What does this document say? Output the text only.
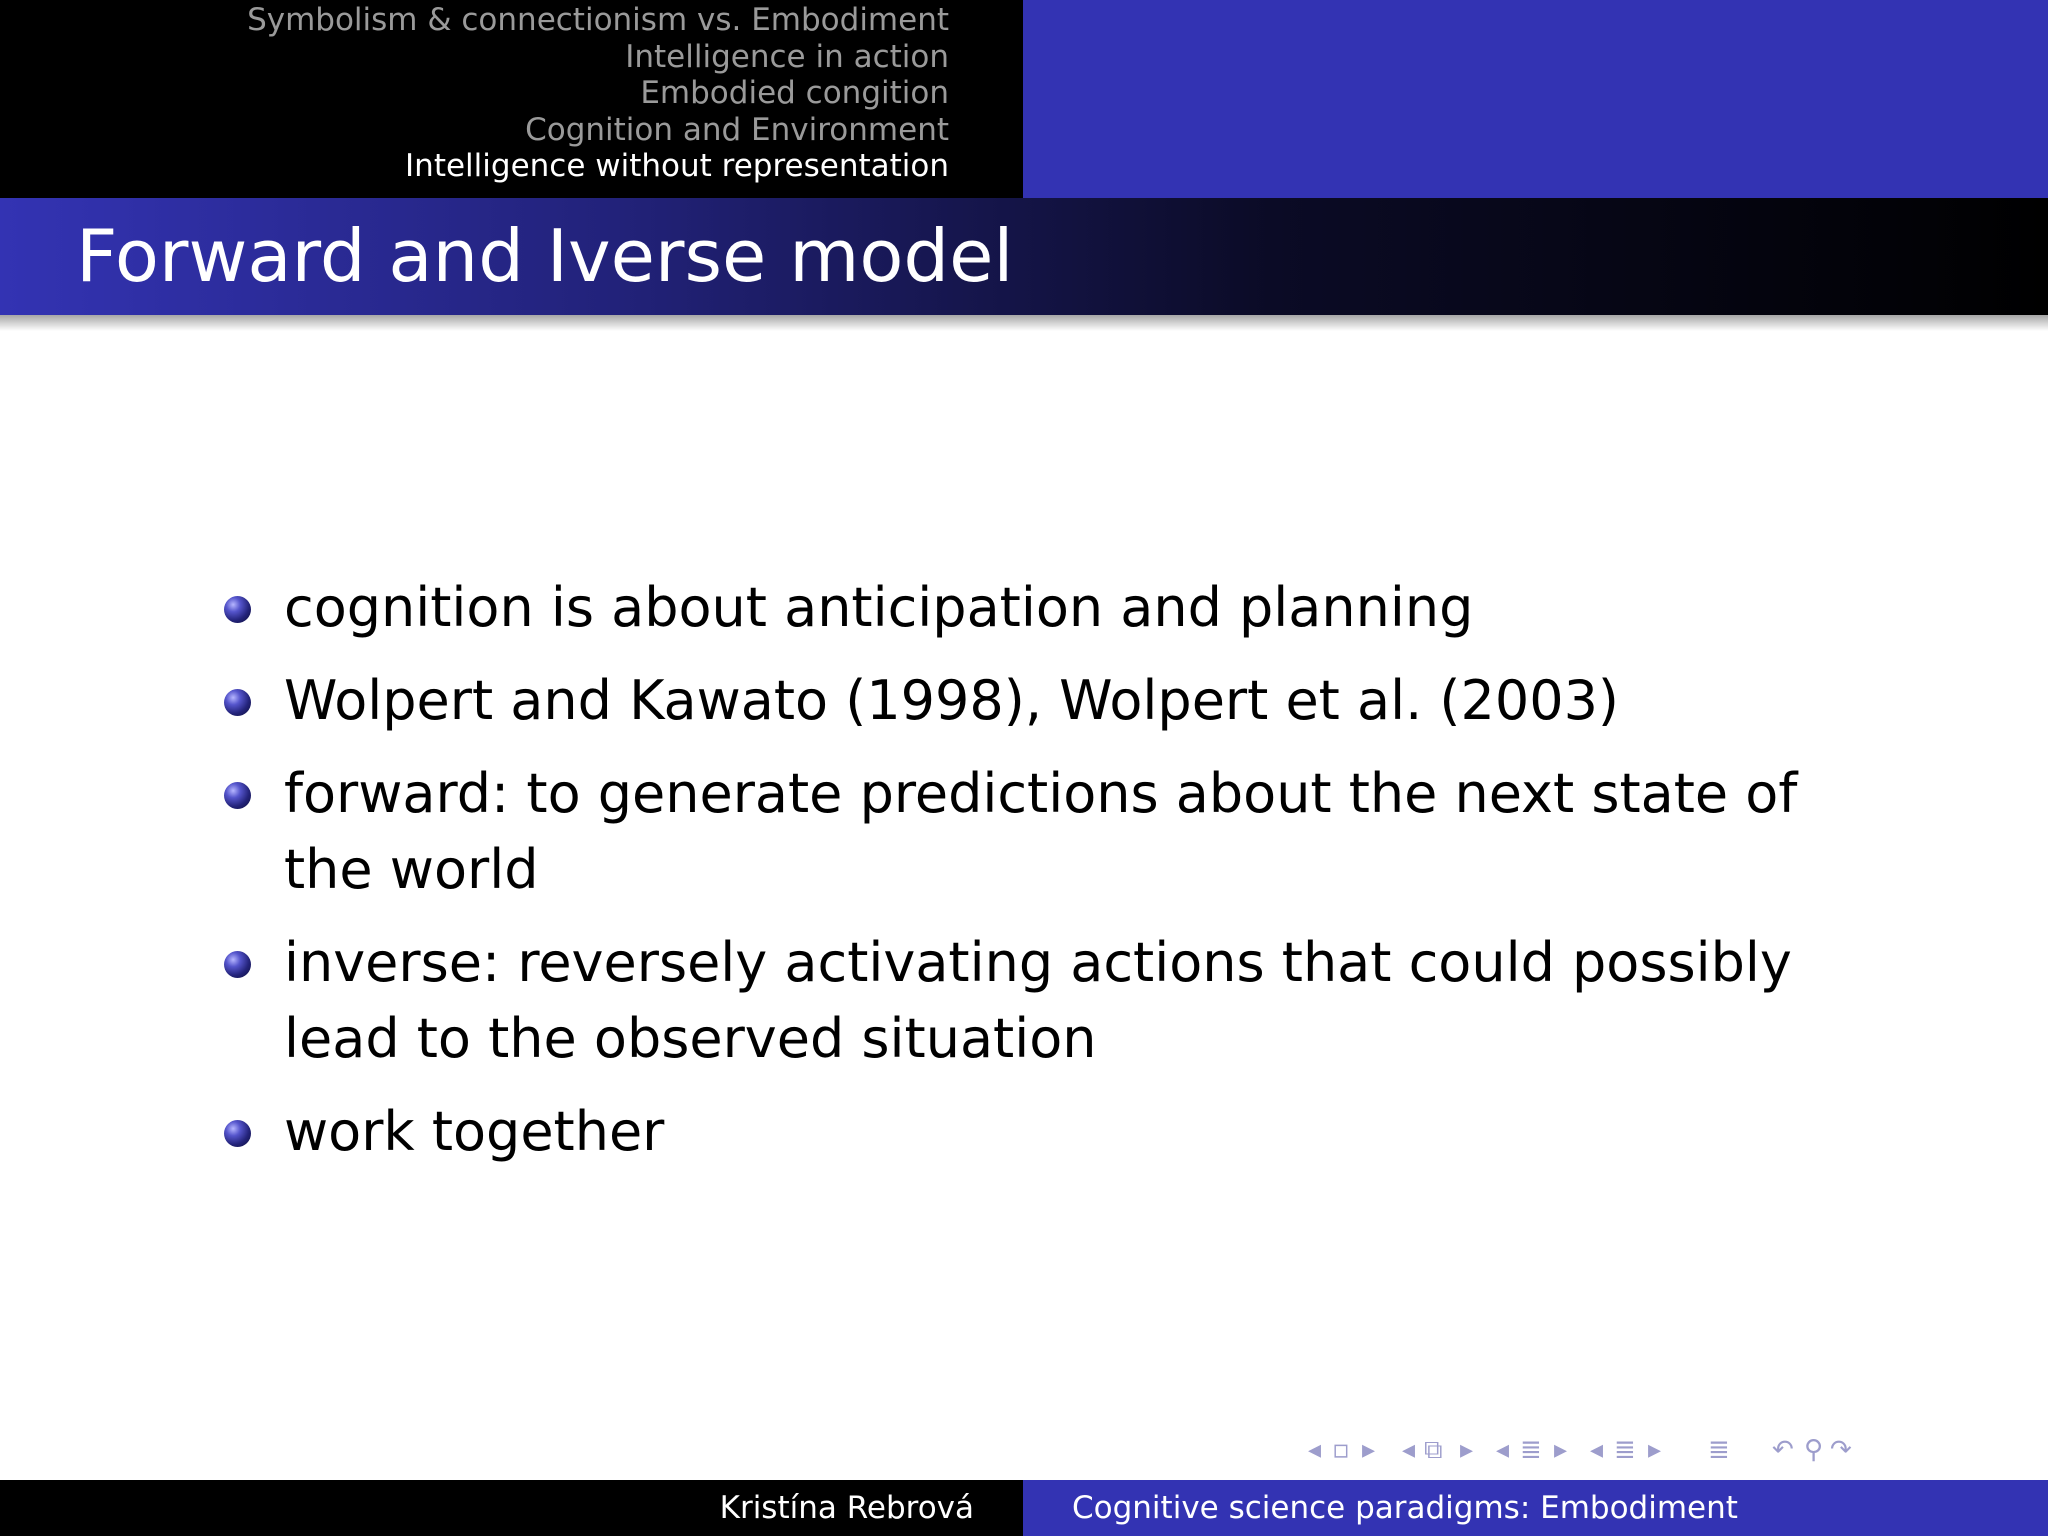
Symbolism & connectionism vs. Embodiment
Intelligence in action
Embodied congition
Cognition and Environment
Intelligence without representation
Forward and Iverse model
cognition is about anticipation and planning
Wolpert and Kawato (1998), Wolpert et al. (2003)
forward: to generate predictions about the next state of the world
inverse: reversely activating actions that could possibly lead to the observed situation
work together
◂ ▫ ▸ ◂ ⧉ ▸ ◂ ≣ ▸ ◂ ≣ ▸ ≣ ↶ ⚲ ↷
Kristína Rebrová	Cognitive science paradigms: Embodiment
